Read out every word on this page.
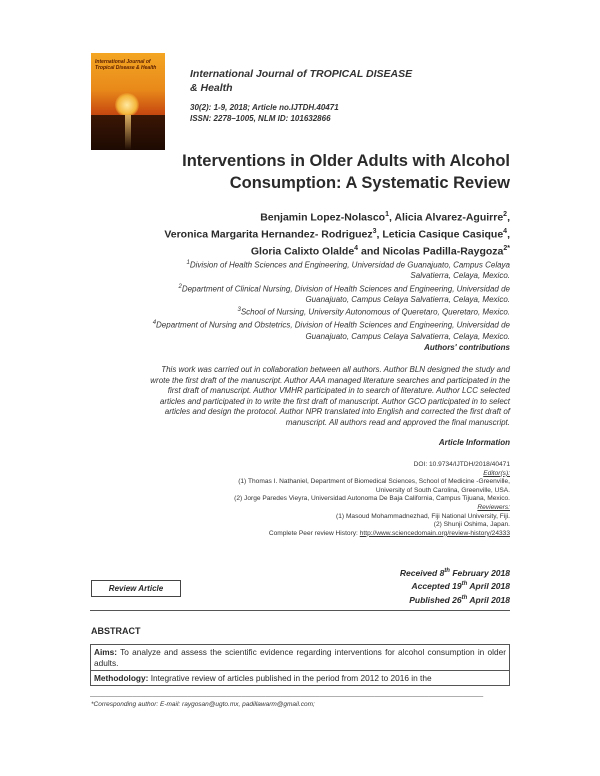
International Journal of Tropical Disease & Health	International Journal of TROPICAL DISEASE
& Health
30(2): 1-9, 2018; Article no.IJTDH.40471
ISSN: 2278–1005, NLM ID: 101632866
Interventions in Older Adults with Alcohol
Consumption: A Systematic Review
Benjamin Lopez-Nolasco$^1$, Alicia Alvarez-Aguirre$^2$,
Veronica Margarita Hernandez- Rodriguez$^3$, Leticia Casique Casique$^4$,
Gloria Calixto Olalde$^4$ and Nicolas Padilla-Raygoza$^{2*}$
$^1$Division of Health Sciences and Engineering, Universidad de Guanajuato, Campus Celaya
Salvatierra, Celaya, Mexico.
$^2$Department of Clinical Nursing, Division of Health Sciences and Engineering, Universidad de
Guanajuato, Campus Celaya Salvatierra, Celaya, Mexico.
$^3$School of Nursing, University Autonomous of Queretaro, Queretaro, Mexico.
$^4$Department of Nursing and Obstetrics, Division of Health Sciences and Engineering, Universidad de
Guanajuato, Campus Celaya Salvatierra, Celaya, Mexico.
Authors' contributions
This work was carried out in collaboration between all authors. Author BLN designed the study and
wrote the first draft of the manuscript. Author AAA managed literature searches and participated in the
first draft of manuscript. Author VMHR participated in to search of literature. Author LCC selected
articles and participated in to write the first draft of manuscript. Author GCO participated in to select
articles and design the protocol. Author NPR translated into English and corrected the first draft of
manuscript. All authors read and approved the final manuscript.
Article Information
DOI: 10.9734/IJTDH/2018/40471
Editor(s):
(1) Thomas I. Nathaniel, Department of Biomedical Sciences, School of Medicine -Greenville,
University of South Carolina, Greenville, USA.
(2) Jorge Paredes Vieyra, Universidad Autonoma De Baja California, Campus Tijuana, Mexico.
Reviewers:
(1) Masoud Mohammadnezhad, Fiji National University, Fiji.
(2) Shunji Oshima, Japan.
Complete Peer review History: http://www.sciencedomain.org/review-history/24333
Review Article
Received 8th February 2018
Accepted 19th April 2018
Published 26th April 2018
ABSTRACT
Aims: To analyze and assess the scientific evidence regarding interventions for alcohol consumption in older adults.
Methodology: Integrative review of articles published in the period from 2012 to 2016 in the
_____________________________________________________________________________________________________
*Corresponding author: E-mail: raygosan@ugto.mx, padillawarm@gmail.com;
